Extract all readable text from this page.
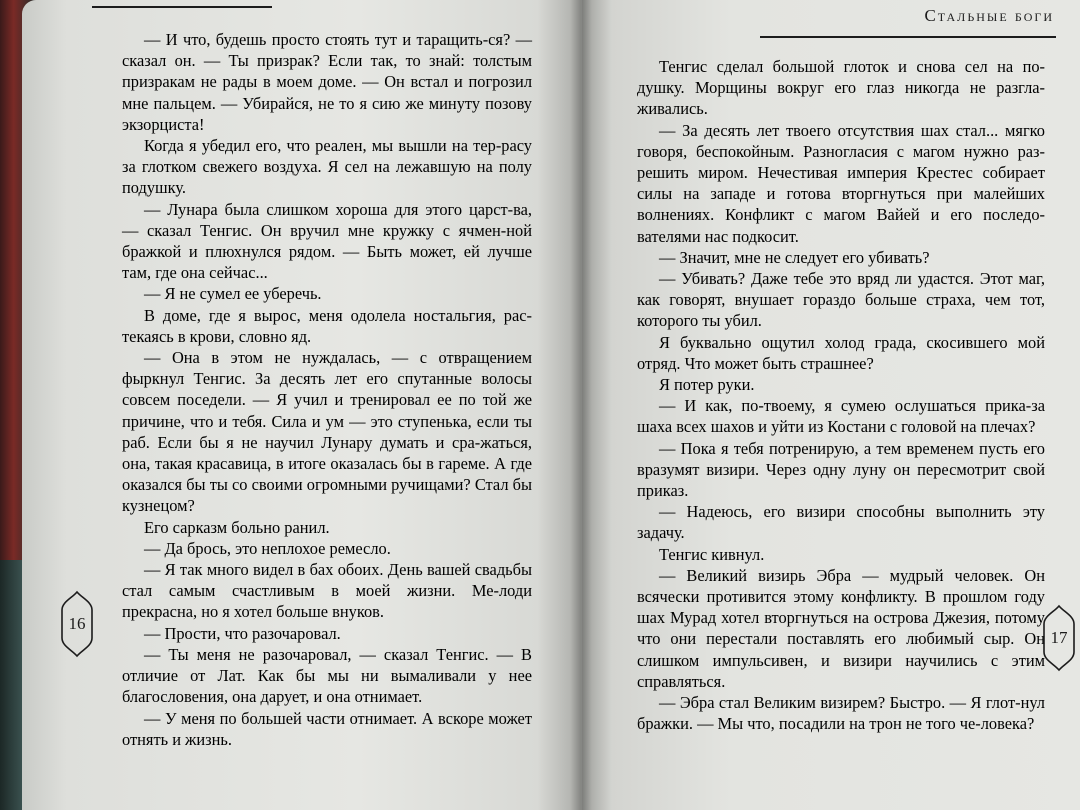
Стальные боги

— И что, будешь просто стоять тут и таращить-ся? — сказал он. — Ты призрак? Если так, то знай: толстым призракам не рады в моем доме. — Он встал и погрозил мне пальцем. — Убирайся, не то я сию же минуту позову экзорциста!

Когда я убедил его, что реален, мы вышли на тер-расу за глотком свежего воздуха. Я сел на лежавшую на полу подушку.

— Лунара была слишком хороша для этого царст-ва, — сказал Тенгис. Он вручил мне кружку с ячмен-ной бражкой и плюхнулся рядом. — Быть может, ей лучше там, где она сейчас...

— Я не сумел ее уберечь.

В доме, где я вырос, меня одолела ностальгия, рас-текаясь в крови, словно яд.

— Она в этом не нуждалась, — с отвращением фыркнул Тенгис. За десять лет его спутанные волосы совсем поседели. — Я учил и тренировал ее по той же причине, что и тебя. Сила и ум — это ступенька, если ты раб. Если бы я не научил Лунару думать и сра-жаться, она, такая красавица, в итоге оказалась бы в гареме. А где оказался бы ты со своими огромными ручищами? Стал бы кузнецом?

Его сарказм больно ранил.

— Да брось, это неплохое ремесло.

— Я так много видел в бах обоих. День вашей свадьбы стал самым счастливым в моей жизни. Ме-лоди прекрасна, но я хотел больше внуков.

— Прости, что разочаровал.

— Ты меня не разочаровал, — сказал Тенгис. — В отличие от Лат. Как бы мы ни вымаливали у нее благословения, она дарует, и она отнимает.

— У меня по большей части отнимает. А вскоре может отнять и жизнь.

Тенгис сделал большой глоток и снова сел на по-душку. Морщины вокруг его глаз никогда не разгла-живались.

— За десять лет твоего отсутствия шах стал... мягко говоря, беспокойным. Разногласия с магом нужно раз-решить миром. Нечестивая империя Крестес собирает силы на западе и готова вторгнуться при малейших волнениях. Конфликт с магом Вайей и его последо-вателями нас подкосит.

— Значит, мне не следует его убивать?

— Убивать? Даже тебе это вряд ли удастся. Этот маг, как говорят, внушает гораздо больше страха, чем тот, которого ты убил.

Я буквально ощутил холод града, скосившего мой отряд. Что может быть страшнее?

Я потер руки.

— И как, по-твоему, я сумею ослушаться прика-за шаха всех шахов и уйти из Костани с головой на плечах?

— Пока я тебя потренирую, а тем временем пусть его вразумят визири. Через одну луну он пересмотрит свой приказ.

— Надеюсь, его визири способны выполнить эту задачу.

Тенгис кивнул.

— Великий визирь Эбра — мудрый человек. Он всячески противится этому конфликту. В прошлом году шах Мурад хотел вторгнуться на острова Джезия, потому что они перестали поставлять его любимый сыр. Он слишком импульсивен, и визири научились с этим справляться.

— Эбра стал Великим визирем? Быстро. — Я глот-нул бражки. — Мы что, посадили на трон не того че-ловека?

16
17
